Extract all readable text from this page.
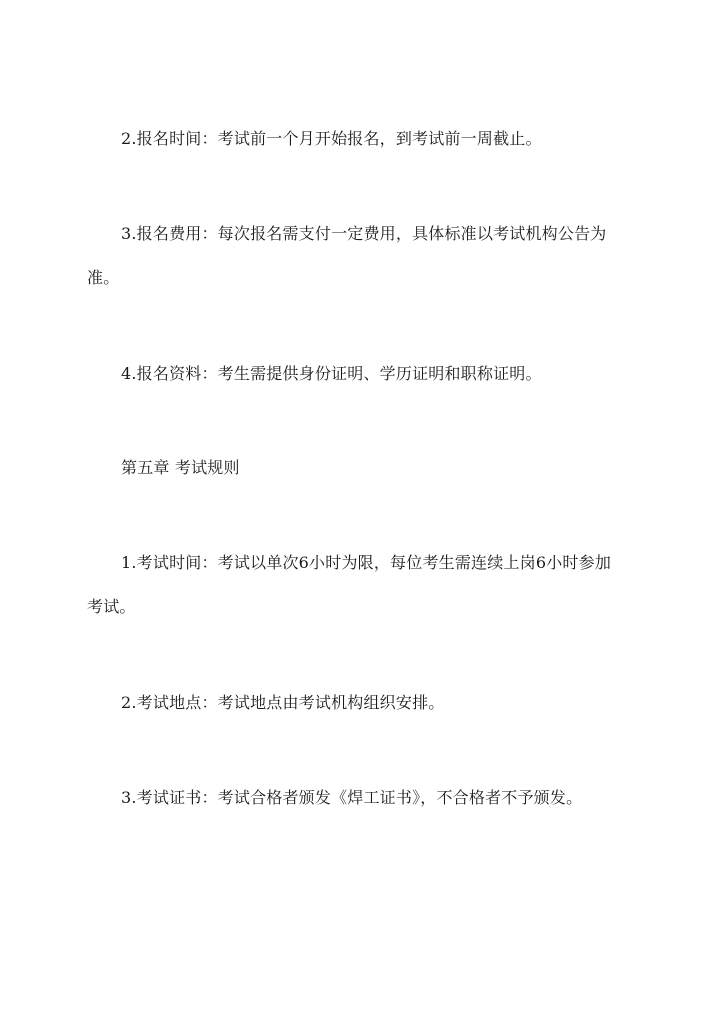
2.报名时间：考试前一个月开始报名，到考试前一周截止。
3.报名费用：每次报名需支付一定费用，具体标准以考试机构公告为
准。
4.报名资料：考生需提供身份证明、学历证明和职称证明。
第五章 考试规则
1.考试时间：考试以单次6小时为限，每位考生需连续上岗6小时参加
考试。
2.考试地点：考试地点由考试机构组织安排。
3.考试证书：考试合格者颁发《焊工证书》，不合格者不予颁发。
